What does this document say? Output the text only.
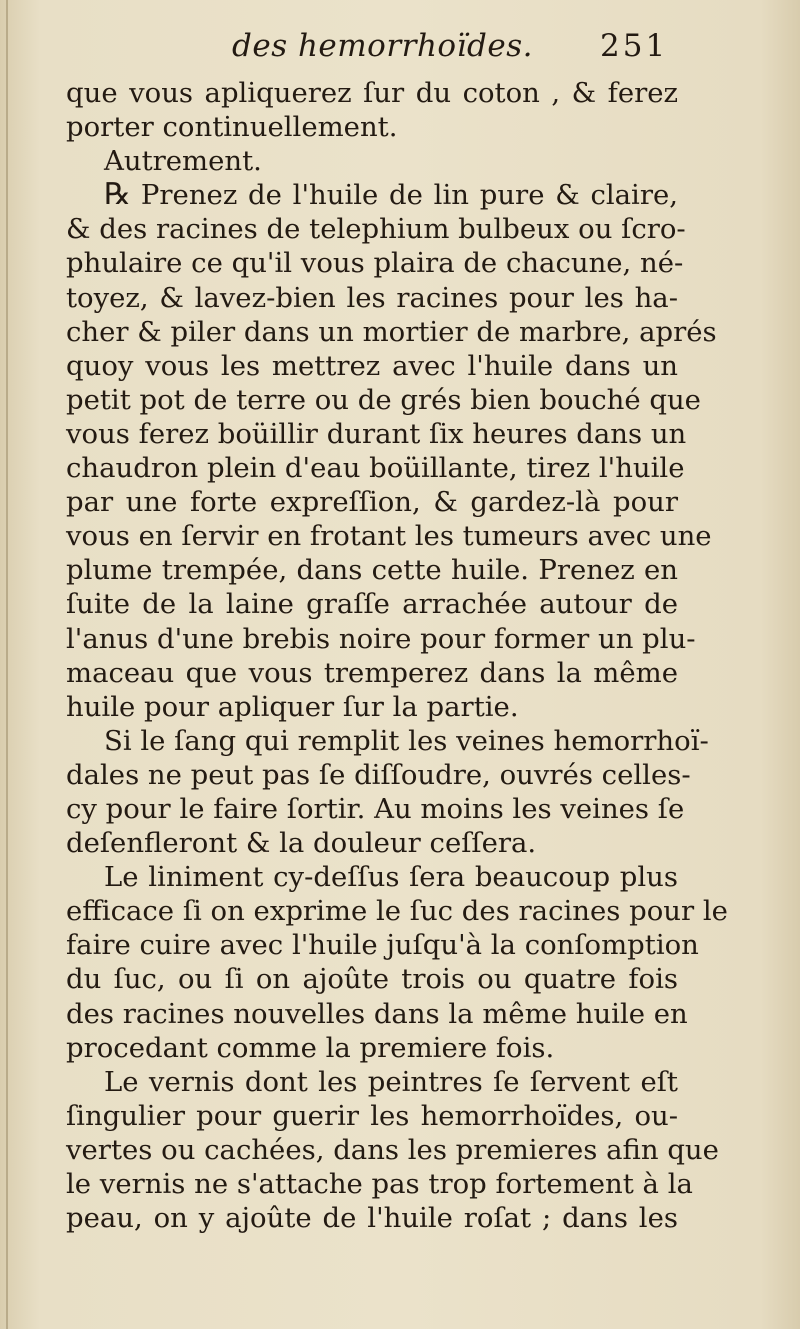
des hemorrhoïdes. 251
que vous apliquerez ſur du coton , & ferez
porter continuellement.
Autrement.
℞ Prenez de l'huile de lin pure & claire,
& des racines de telephium bulbeux ou ſcro-
phulaire ce qu'il vous plaira de chacune, né-
toyez, & lavez-bien les racines pour les ha-
cher & piler dans un mortier de marbre, aprés
quoy vous les mettrez avec l'huile dans un
petit pot de terre ou de grés bien bouché que
vous ferez boüillir durant ſix heures dans un
chaudron plein d'eau boüillante, tirez l'huile
par une forte expreſſion, & gardez-là pour
vous en ſervir en frotant les tumeurs avec une
plume trempée, dans cette huile. Prenez en
ſuite de la laine graſſe arrachée autour de
l'anus d'une brebis noire pour former un plu-
maceau que vous tremperez dans la même
huile pour apliquer ſur la partie.
Si le ſang qui remplit les veines hemorrhoï-
dales ne peut pas ſe diſſoudre, ouvrés celles-
cy pour le faire ſortir. Au moins les veines ſe
deſenfleront & la douleur ceſſera.
Le liniment cy-deſſus ſera beaucoup plus
efficace ſi on exprime le ſuc des racines pour le
faire cuire avec l'huile juſqu'à la conſomption
du ſuc, ou ſi on ajoûte trois ou quatre fois
des racines nouvelles dans la même huile en
procedant comme la premiere fois.
Le vernis dont les peintres ſe ſervent eſt
ſingulier pour guerir les hemorrhoïdes, ou-
vertes ou cachées, dans les premieres afin que
le vernis ne s'attache pas trop fortement à la
peau, on y ajoûte de l'huile roſat ; dans les
